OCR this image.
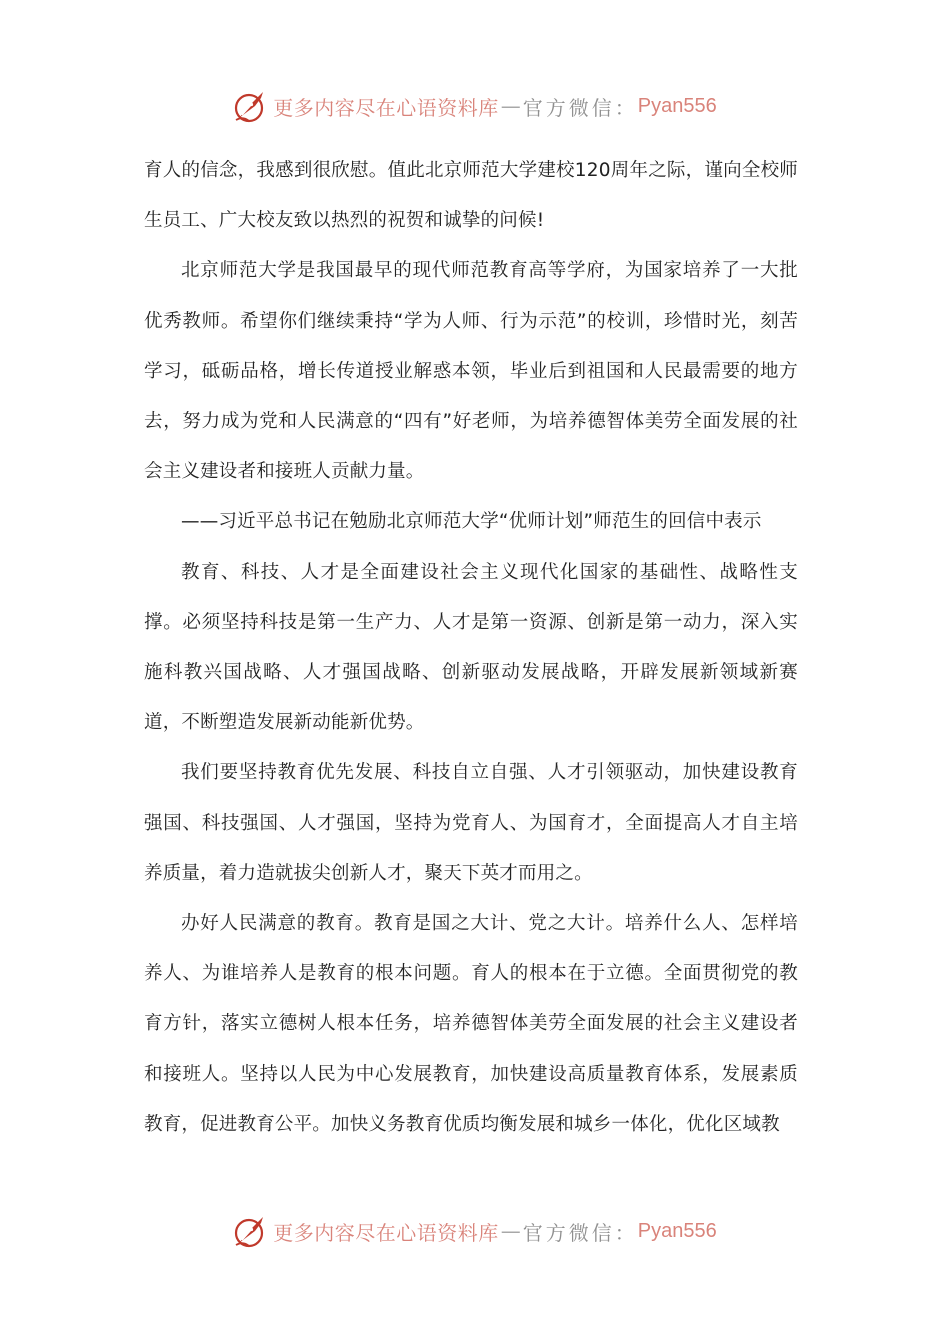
更多内容尽在心语资料库 — 官方微信： Pyan556

育人的信念，我感到很欣慰。值此北京师范大学建校120周年之际，谨向全校师生员工、广大校友致以热烈的祝贺和诚挚的问候!

北京师范大学是我国最早的现代师范教育高等学府，为国家培养了一大批优秀教师。希望你们继续秉持“学为人师、行为示范”的校训，珍惜时光，刻苦学习，砥砺品格，增长传道授业解惑本领，毕业后到祖国和人民最需要的地方去，努力成为党和人民满意的“四有”好老师，为培养德智体美劳全面发展的社会主义建设者和接班人贡献力量。

——习近平总书记在勉励北京师范大学“优师计划”师范生的回信中表示

教育、科技、人才是全面建设社会主义现代化国家的基础性、战略性支撑。必须坚持科技是第一生产力、人才是第一资源、创新是第一动力，深入实施科教兴国战略、人才强国战略、创新驱动发展战略，开辟发展新领域新赛道，不断塑造发展新动能新优势。

我们要坚持教育优先发展、科技自立自强、人才引领驱动，加快建设教育强国、科技强国、人才强国，坚持为党育人、为国育才，全面提高人才自主培养质量，着力造就拔尖创新人才，聚天下英才而用之。

办好人民满意的教育。教育是国之大计、党之大计。培养什么人、怎样培养人、为谁培养人是教育的根本问题。育人的根本在于立德。全面贯彻党的教育方针，落实立德树人根本任务，培养德智体美劳全面发展的社会主义建设者和接班人。坚持以人民为中心发展教育，加快建设高质量教育体系，发展素质教育，促进教育公平。加快义务教育优质均衡发展和城乡一体化，优化区域教

更多内容尽在心语资料库 — 官方微信： Pyan556
